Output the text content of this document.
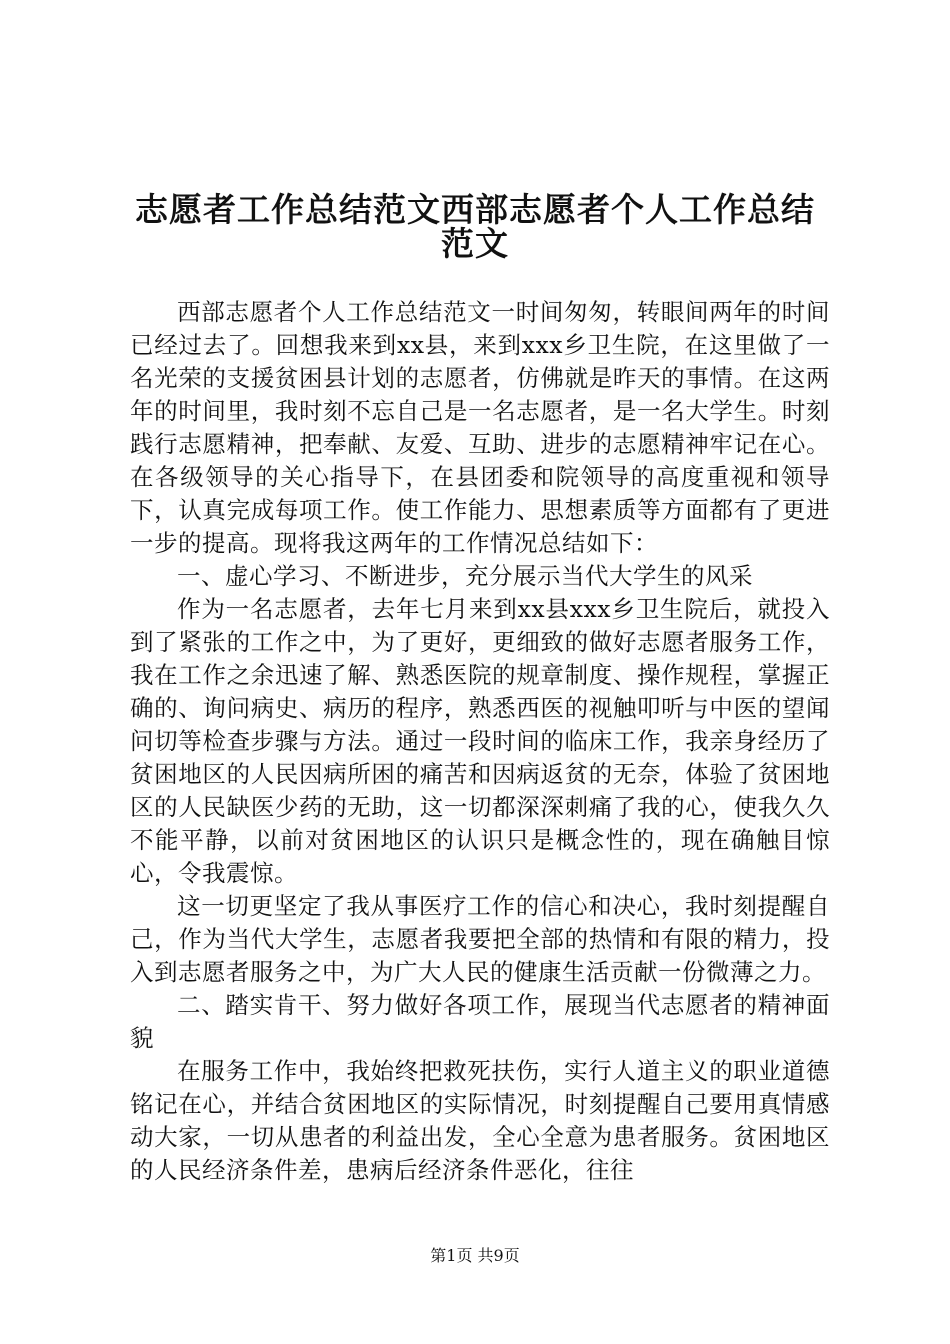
志愿者工作总结范文西部志愿者个人工作总结
范文

西部志愿者个人工作总结范文一时间匆匆，转眼间两年的时间已经过去了。回想我来到xx县，来到xxx乡卫生院，在这里做了一名光荣的支援贫困县计划的志愿者，仿佛就是昨天的事情。在这两年的时间里，我时刻不忘自己是一名志愿者，是一名大学生。时刻践行志愿精神，把奉献、友爱、互助、进步的志愿精神牢记在心。在各级领导的关心指导下，在县团委和院领导的高度重视和领导下，认真完成每项工作。使工作能力、思想素质等方面都有了更进一步的提高。现将我这两年的工作情况总结如下：

一、虚心学习、不断进步，充分展示当代大学生的风采

作为一名志愿者，去年七月来到xx县xxx乡卫生院后，就投入到了紧张的工作之中，为了更好，更细致的做好志愿者服务工作，我在工作之余迅速了解、熟悉医院的规章制度、操作规程，掌握正确的、询问病史、病历的程序，熟悉西医的视触叩听与中医的望闻问切等检查步骤与方法。通过一段时间的临床工作，我亲身经历了贫困地区的人民因病所困的痛苦和因病返贫的无奈，体验了贫困地区的人民缺医少药的无助，这一切都深深刺痛了我的心，使我久久不能平静，以前对贫困地区的认识只是概念性的，现在确触目惊心，令我震惊。

这一切更坚定了我从事医疗工作的信心和决心，我时刻提醒自己，作为当代大学生，志愿者我要把全部的热情和有限的精力，投入到志愿者服务之中，为广大人民的健康生活贡献一份微薄之力。

二、踏实肯干、努力做好各项工作，展现当代志愿者的精神面貌

在服务工作中，我始终把救死扶伤，实行人道主义的职业道德铭记在心，并结合贫困地区的实际情况，时刻提醒自己要用真情感动大家，一切从患者的利益出发，全心全意为患者服务。贫困地区的人民经济条件差，患病后经济条件恶化，往往

第1页 共9页
